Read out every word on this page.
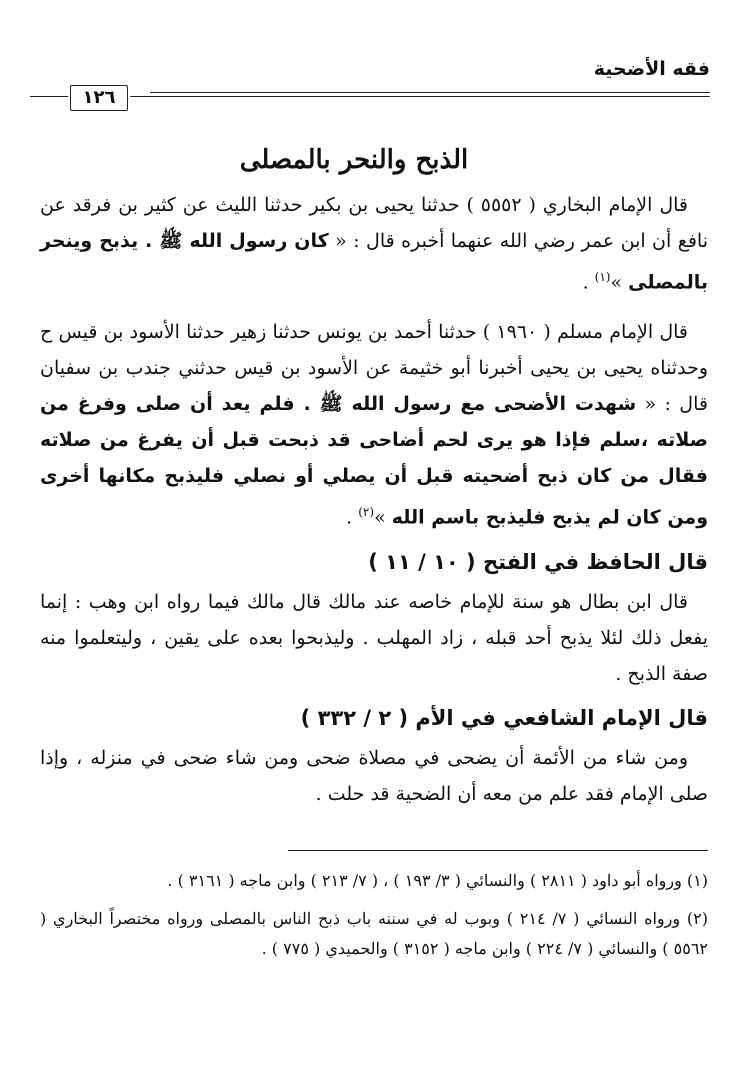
فقه الأضحية
١٢٦
الذبح والنحر بالمصلى

قال الإمام البخاري ( ٥٥٥٢ ) حدثنا يحيى بن بكير حدثنا الليث عن كثير بن فرقد عن نافع أن ابن عمر رضي الله عنهما أخبره قال : « كان رسول الله ﷺ . يذبح وينحر بالمصلى »$^{(١)}$ .

قال الإمام مسلم ( ١٩٦٠ ) حدثنا أحمد بن يونس حدثنا زهير حدثنا الأسود بن قيس ح وحدثناه يحيى بن يحيى أخبرنا أبو خثيمة عن الأسود بن قيس حدثني جندب بن سفيان قال : « شهدت الأضحى مع رسول الله ﷺ . فلم يعد أن صلى وفرغ من صلاته ،سلم فإذا هو يرى لحم أضاحى قد ذبحت قبل أن يفرغ من صلاته فقال من كان ذبح أضحيته قبل أن يصلي أو نصلي فليذبح مكانها أخرى ومن كان لم يذبح فليذبح باسم الله »$^{(٢)}$ .

قال الحافظ في الفتح ( ١٠ / ١١ )

قال ابن بطال هو سنة للإمام خاصه عند مالك قال مالك فيما رواه ابن وهب : إنما يفعل ذلك لئلا يذبح أحد قبله ، زاد المهلب . وليذبحوا بعده على يقين ، وليتعلموا منه صفة الذبح .

قال الإمام الشافعي في الأم ( ٢ / ٣٣٢ )

ومن شاء من الأئمة أن يضحى في مصلاة ضحى ومن شاء ضحى في منزله ، وإذا صلى الإمام فقد علم من معه أن الضحية قد حلت .

(١) ورواه أبو داود ( ٢٨١١ ) والنسائي ( ٣/ ١٩٣ ) ، ( ٧/ ٢١٣ ) وابن ماجه ( ٣١٦١ ) .

(٢) ورواه النسائي ( ٧/ ٢١٤ ) وبوب له في سننه باب ذبح الناس بالمصلى ورواه مختصراً البخاري ( ٥٥٦٢ ) والنسائي ( ٧/ ٢٢٤ ) وابن ماجه ( ٣١٥٢ ) والحميدي ( ٧٧٥ ) .
